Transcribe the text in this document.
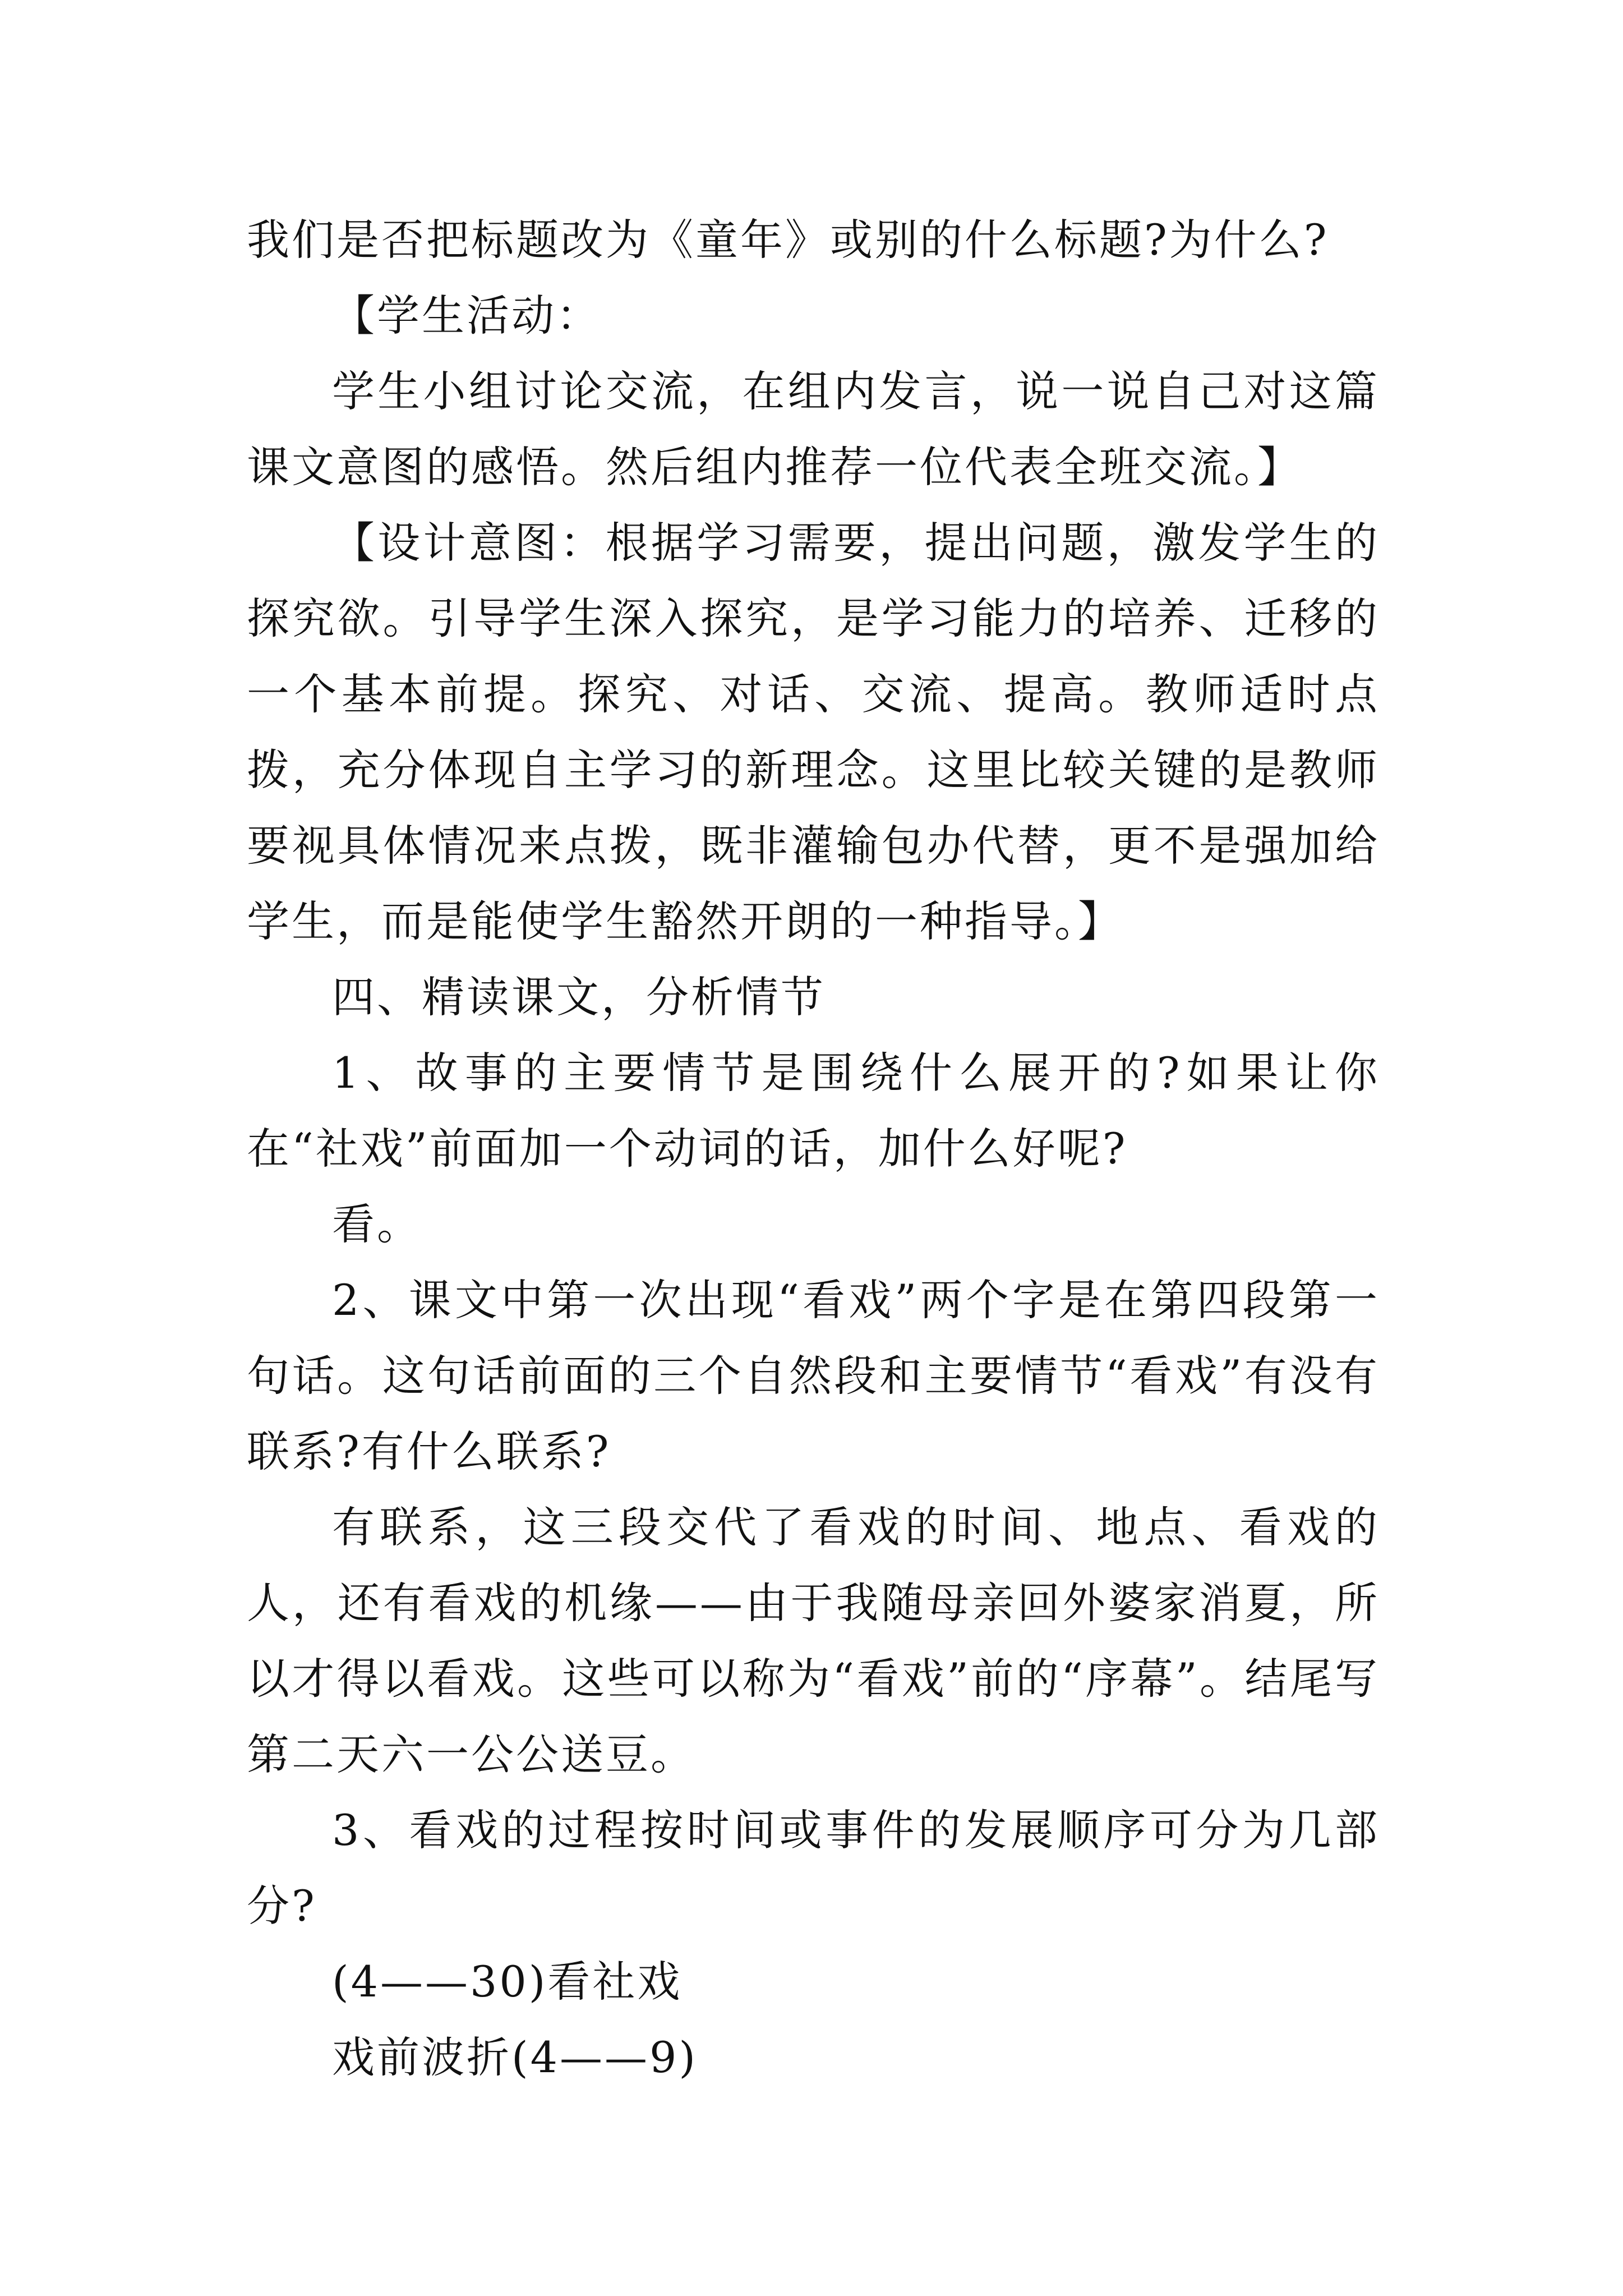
我们是否把标题改为《童年》或别的什么标题?为什么?

【学生活动：

学生小组讨论交流，在组内发言，说一说自己对这篇课文意图的感悟。然后组内推荐一位代表全班交流。】

【设计意图：根据学习需要，提出问题，激发学生的探究欲。引导学生深入探究，是学习能力的培养、迁移的一个基本前提。探究、对话、交流、提高。教师适时点拨，充分体现自主学习的新理念。这里比较关键的是教师要视具体情况来点拨，既非灌输包办代替，更不是强加给学生，而是能使学生豁然开朗的一种指导。】

四、精读课文，分析情节

1、故事的主要情节是围绕什么展开的?如果让你在“社戏”前面加一个动词的话，加什么好呢?

看。

2、课文中第一次出现“看戏”两个字是在第四段第一句话。这句话前面的三个自然段和主要情节“看戏”有没有联系?有什么联系?

有联系，这三段交代了看戏的时间、地点、看戏的人，还有看戏的机缘——由于我随母亲回外婆家消夏，所以才得以看戏。这些可以称为“看戏”前的“序幕”。结尾写第二天六一公公送豆。

3、看戏的过程按时间或事件的发展顺序可分为几部分?

(4——30)看社戏

戏前波折(4——9)
